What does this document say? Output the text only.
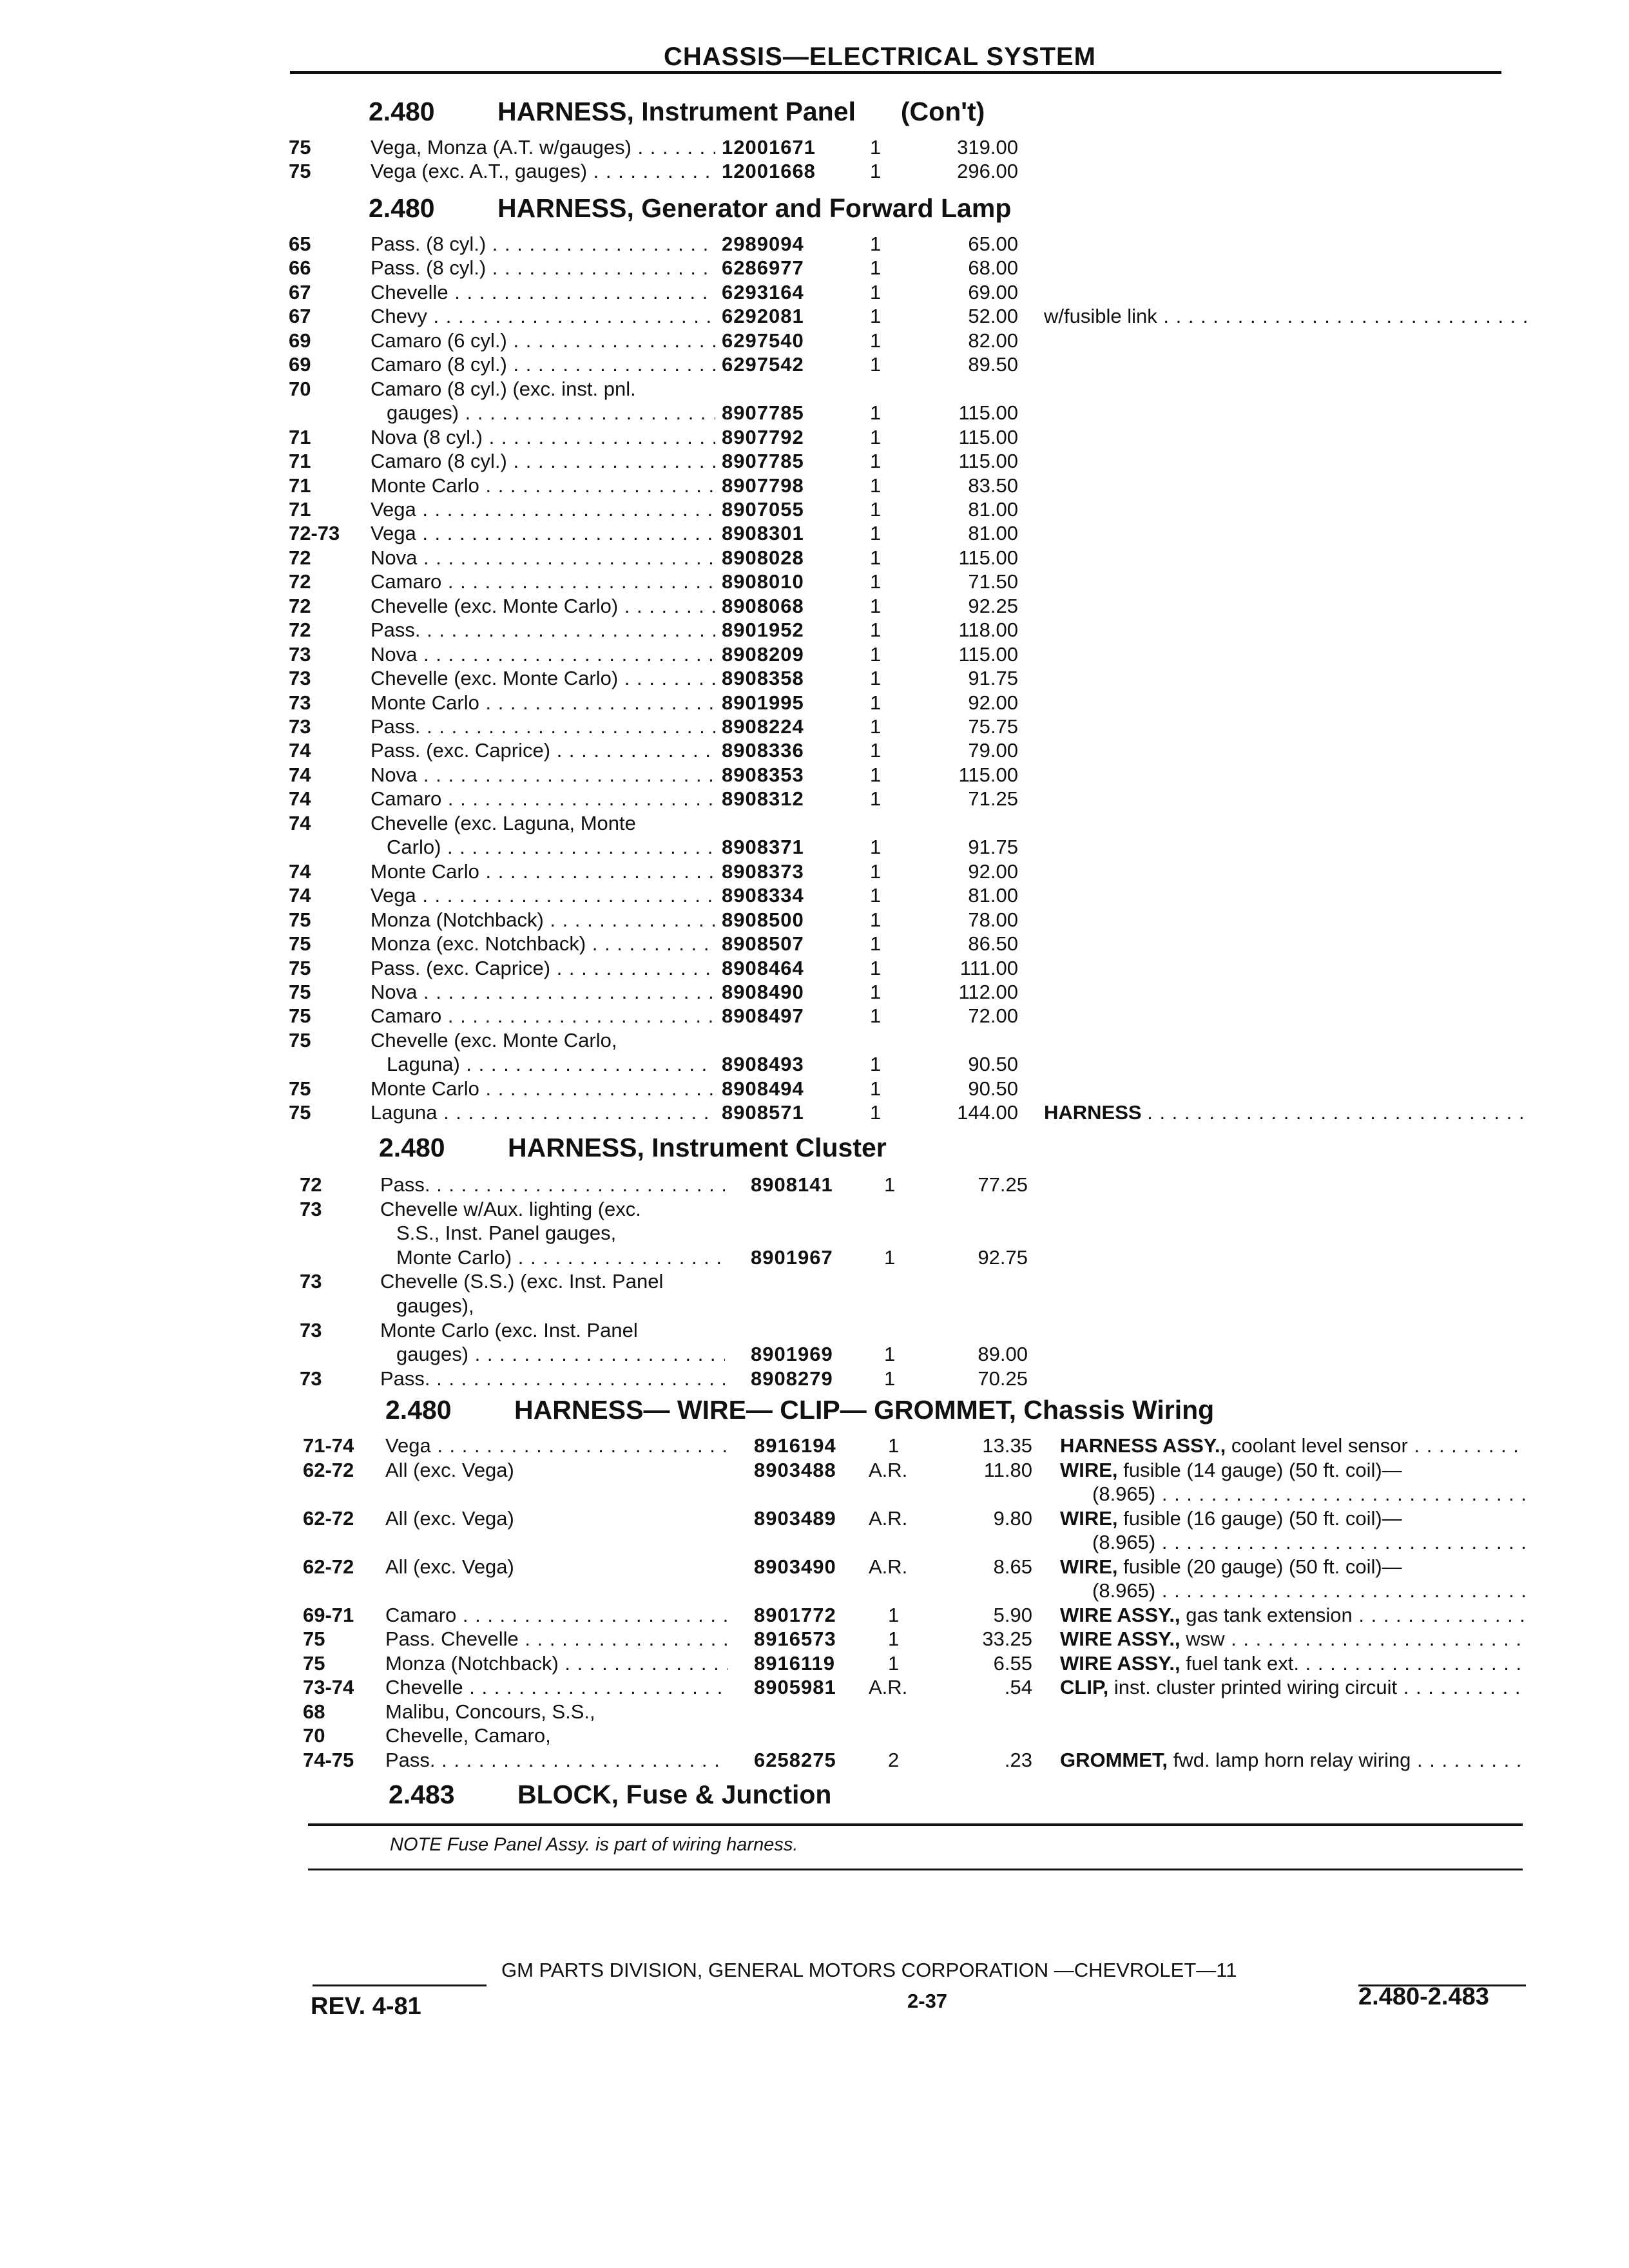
CHASSIS—ELECTRICAL SYSTEM
2.480 HARNESS, Instrument Panel (Con't)
75	Vega, Monza (A.T. w/gauges) . . .	12001671	1	319.00
75	Vega (exc. A.T., gauges) . . .	12001668	1	296.00
2.480 HARNESS, Generator and Forward Lamp
65	Pass. (8 cyl.) . . .	2989094	1	65.00
66	Pass. (8 cyl.) . . .	6286977	1	68.00
67	Chevelle . . .	6293164	1	69.00
67	Chevy . . .	6292081	1	52.00 w/fusible link . . .
69	Camaro (6 cyl.) . . .	6297540	1	82.00
69	Camaro (8 cyl.) . . .	6297542	1	89.50
70	Camaro (8 cyl.) (exc. inst. pnl.
gauges) . . .	8907785	1	115.00
71	Nova (8 cyl.) . . .	8907792	1	115.00
71	Camaro (8 cyl.) . . .	8907785	1	115.00
71	Monte Carlo . . .	8907798	1	83.50
71	Vega . . .	8907055	1	81.00
72-73 Vega . . .	8908301	1	81.00
72	Nova . . .	8908028	1	115.00
72	Camaro . . .	8908010	1	71.50
72	Chevelle (exc. Monte Carlo) . . .	8908068	1	92.25
72	Pass. . . .	8901952	1	118.00
73	Nova . . .	8908209	1	115.00
73	Chevelle (exc. Monte Carlo) . . .	8908358	1	91.75
73	Monte Carlo . . .	8901995	1	92.00
73	Pass. . . .	8908224	1	75.75
74	Pass. (exc. Caprice) . . .	8908336	1	79.00
74	Nova . . .	8908353	1	115.00
74	Camaro . . .	8908312	1	71.25
74	Chevelle (exc. Laguna, Monte
Carlo) . . .	8908371	1	91.75
74	Monte Carlo . . .	8908373	1	92.00
74	Vega . . .	8908334	1	81.00
75	Monza (Notchback) . . .	8908500	1	78.00
75	Monza (exc. Notchback) . . .	8908507	1	86.50
75	Pass. (exc. Caprice) . . .	8908464	1	111.00
75	Nova . . .	8908490	1	112.00
75	Camaro . . .	8908497	1	72.00
75	Chevelle (exc. Monte Carlo,
Laguna) . . .	8908493	1	90.50
75	Monte Carlo . . .	8908494	1	90.50
75	Laguna . . .	8908571	1	144.00 HARNESS . . .
2.480 HARNESS, Instrument Cluster
72	Pass. . . .	8908141	1	77.25
73	Chevelle w/Aux. lighting (exc.
S.S., Inst. Panel gauges,
Monte Carlo) . . .	8901967	1	92.75
73	Chevelle (S.S.) (exc. Inst. Panel
gauges),
73	Monte Carlo (exc. Inst. Panel
gauges) . . .	8901969	1	89.00
73	Pass. . . .	8908279	1	70.25
2.480 HARNESS— WIRE— CLIP— GROMMET, Chassis Wiring
71-74 Vega . . .	8916194	1	13.35 HARNESS ASSY., coolant level sensor . . .
62-72 All (exc. Vega)	8903488 A.R.	11.80 WIRE, fusible (14 gauge) (50 ft. coil)—
(8.965) . . .
62-72 All (exc. Vega)	8903489 A.R.	9.80 WIRE, fusible (16 gauge) (50 ft. coil)—
(8.965) . . .
62-72 All (exc. Vega)	8903490 A.R.	8.65 WIRE, fusible (20 gauge) (50 ft. coil)—
(8.965) . . .
69-71 Camaro . . .	8901772	1	5.90 WIRE ASSY., gas tank extension . . .
75	Pass. Chevelle . . .	8916573	1	33.25 WIRE ASSY., wsw . . .
75	Monza (Notchback) . . .	8916119	1	6.55 WIRE ASSY., fuel tank ext. . . .
73-74 Chevelle . . .	8905981 A.R.	.54 CLIP, inst. cluster printed wiring circuit . . .
68	Malibu, Concours, S.S.,
70	Chevelle, Camaro,
74-75 Pass. . . .	6258275	2	.23 GROMMET, fwd. lamp horn relay wiring . . .
2.483 BLOCK, Fuse & Junction
NOTE Fuse Panel Assy. is part of wiring harness.
GM PARTS DIVISION, GENERAL MOTORS CORPORATION —CHEVROLET—11
REV. 4-81	2-37	2.480-2.483
